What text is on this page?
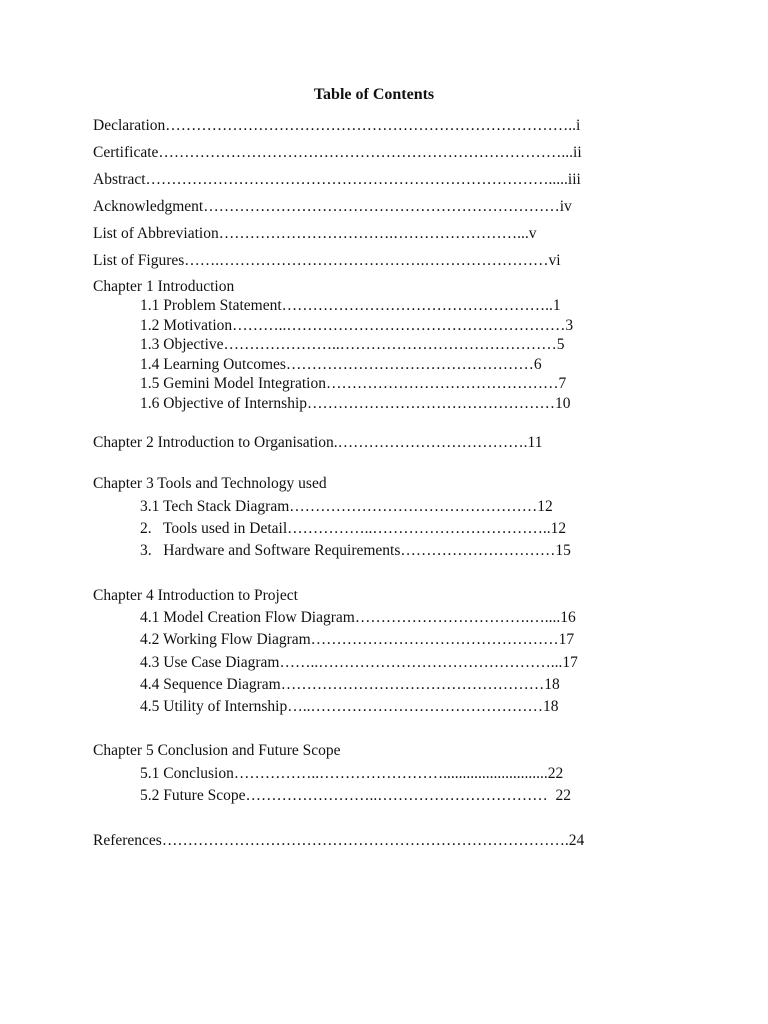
Table of Contents
Declaration……………………………………………………………………..i
Certificate……………………………………………………………………...ii
Abstract…………………………………………………………………….....iii
Acknowledgment……………………………………………………………iv
List of Abbreviation…………………………….……………………...v
List of Figures…….………………………………….……………………vi
Chapter 1 Introduction
1.1 Problem Statement……………………………………………..1
1.2 Motivation………..………………………………………………3
1.3 Objective…………………..……………………………………5
1.4 Learning Outcomes…………………………………………6
1.5 Gemini Model Integration………………………………………7
1.6 Objective of Internship…………………………………………10
Chapter 2 Introduction to Organisation.……………………………….11
Chapter 3 Tools and Technology used
3.1 Tech Stack Diagram…………………………………………12
2.   Tools used in Detail……………..……………………………..12
3.   Hardware and Software Requirements…………………………15
Chapter 4 Introduction to Project
4.1 Model Creation Flow Diagram…………………………….…....16
4.2 Working Flow Diagram…………………………………………17
4.3 Use Case Diagram……..………………………………………...17
4.4 Sequence Diagram……………………………………………18
4.5 Utility of Internship…..………………………………………18
Chapter 5 Conclusion and Future Scope
5.1 Conclusion……………..……………………...........................22
5.2 Future Scope……………………..……………………………  22
References…………………………………………………………………….24
